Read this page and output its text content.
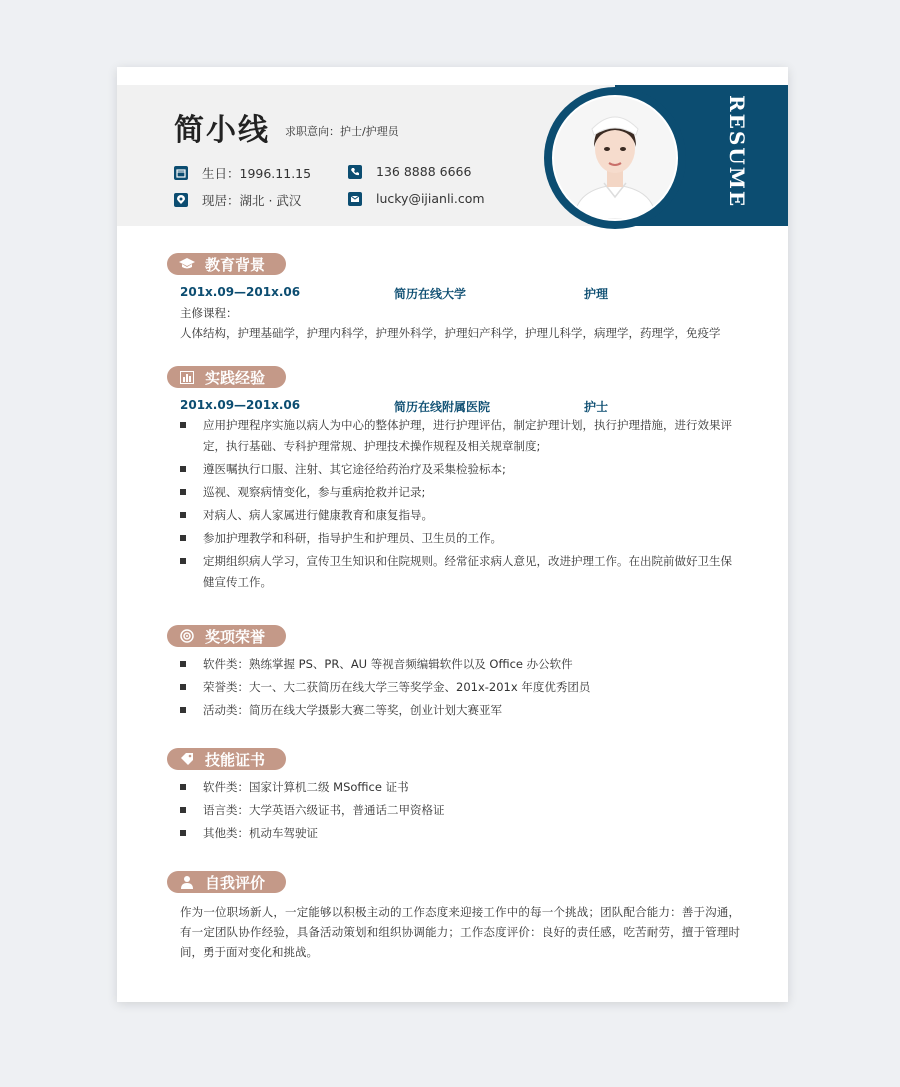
RESUME
简小线 求职意向：护士/护理员
生日：1996.11.15	136 8888 6666
现居：湖北 · 武汉	lucky@ijianli.com
教育背景
201x.09—201x.06	简历在线大学	护理
主修课程：
人体结构，护理基础学，护理内科学，护理外科学，护理妇产科学，护理儿科学，病理学，药理学，免疫学
实践经验
201x.09—201x.06	简历在线附属医院	护士
应用护理程序实施以病人为中心的整体护理，进行护理评估，制定护理计划，执行护理措施，进行效果评定，执行基础、专科护理常规、护理技术操作规程及相关规章制度;
遵医嘱执行口服、注射、其它途径给药治疗及采集检验标本;
巡视、观察病情变化，参与重病抢救并记录;
对病人、病人家属进行健康教育和康复指导。
参加护理教学和科研，指导护生和护理员、卫生员的工作。
定期组织病人学习，宣传卫生知识和住院规则。经常征求病人意见，改进护理工作。在出院前做好卫生保健宣传工作。
奖项荣誉
软件类：熟练掌握 PS、PR、AU 等视音频编辑软件以及 Office 办公软件
荣誉类：大一、大二获简历在线大学三等奖学金、201x-201x 年度优秀团员
活动类：简历在线大学摄影大赛二等奖，创业计划大赛亚军
技能证书
软件类：国家计算机二级 MSoffice 证书
语言类：大学英语六级证书，普通话二甲资格证
其他类：机动车驾驶证
自我评价
作为一位职场新人，一定能够以积极主动的工作态度来迎接工作中的每一个挑战；团队配合能力：善于沟通，有一定团队协作经验，具备活动策划和组织协调能力；工作态度评价：良好的责任感，吃苦耐劳，擅于管理时间，勇于面对变化和挑战。
